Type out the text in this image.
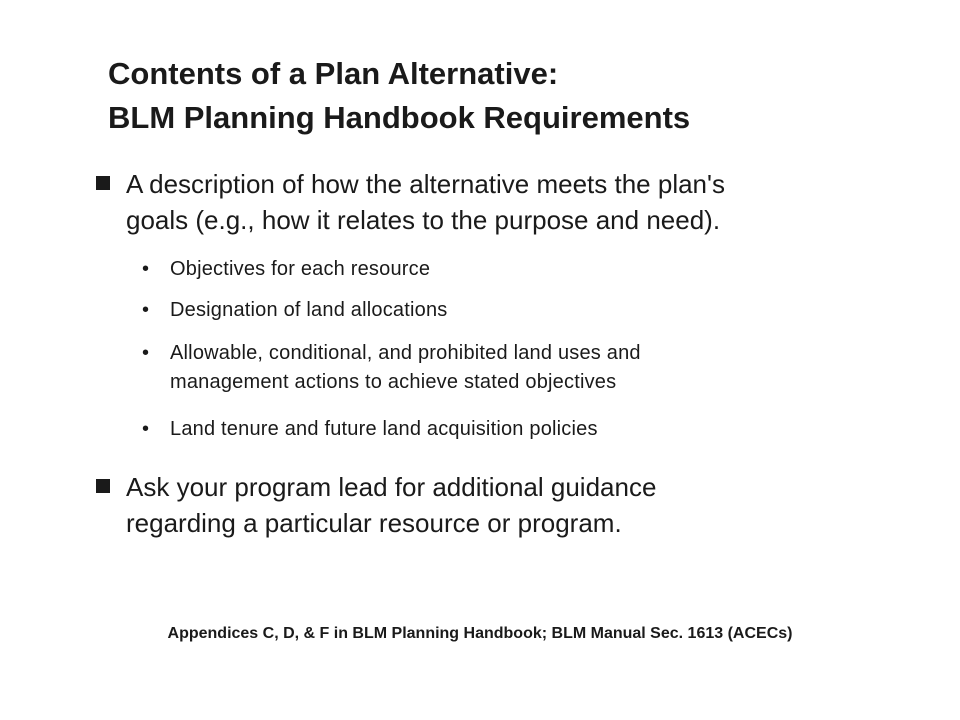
Contents of a Plan Alternative:
BLM Planning Handbook Requirements
A description of how the alternative meets the plan's
goals (e.g., how it relates to the purpose and need).
• Objectives for each resource
• Designation of land allocations
• Allowable, conditional, and prohibited land uses and
management actions to achieve stated objectives
• Land tenure and future land acquisition policies
Ask your program lead for additional guidance
regarding a particular resource or program.
Appendices C, D, & F in BLM Planning Handbook; BLM Manual Sec. 1613 (ACECs)
